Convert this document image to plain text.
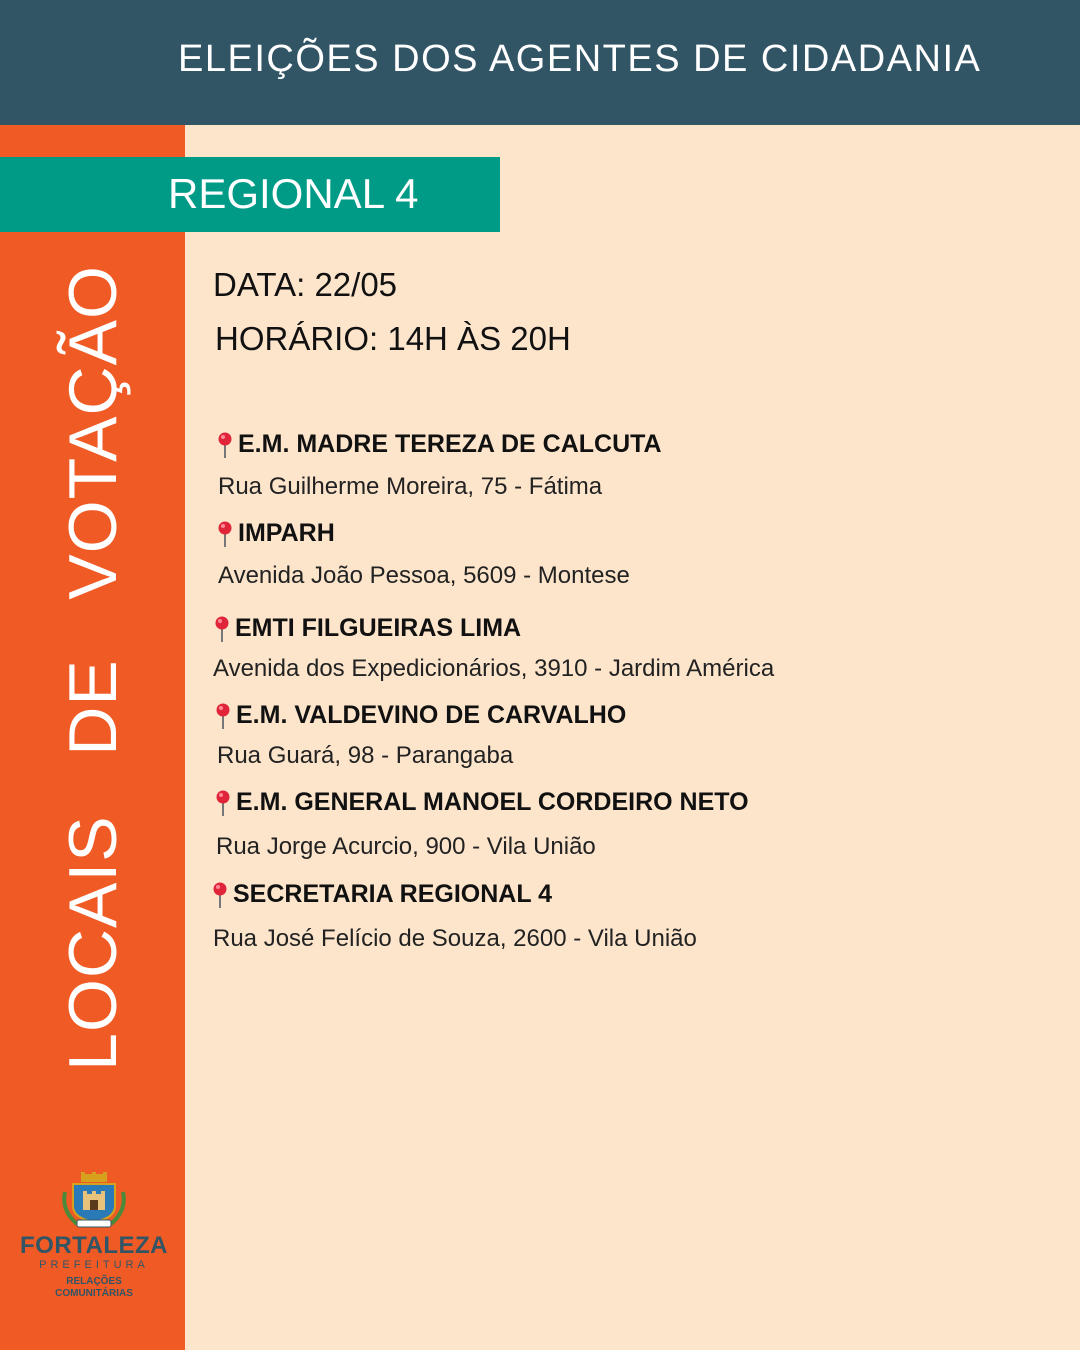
ELEIÇÕES DOS AGENTES DE CIDADANIA
LOCAIS   DE   VOTAÇÃO
REGIONAL 4
DATA: 22/05
HORÁRIO: 14H ÀS 20H
E.M. MADRE TEREZA DE CALCUTA
Rua Guilherme Moreira, 75 - Fátima
IMPARH
Avenida João Pessoa, 5609 - Montese
EMTI FILGUEIRAS LIMA
Avenida dos Expedicionários, 3910 - Jardim América
E.M. VALDEVINO DE CARVALHO
Rua Guará, 98 - Parangaba
E.M. GENERAL MANOEL CORDEIRO NETO
Rua Jorge Acurcio, 900 - Vila União
SECRETARIA REGIONAL 4
Rua José Felício de Souza, 2600 - Vila União
FORTALEZA
PREFEITURA
RELAÇÕES
COMUNITÁRIAS
